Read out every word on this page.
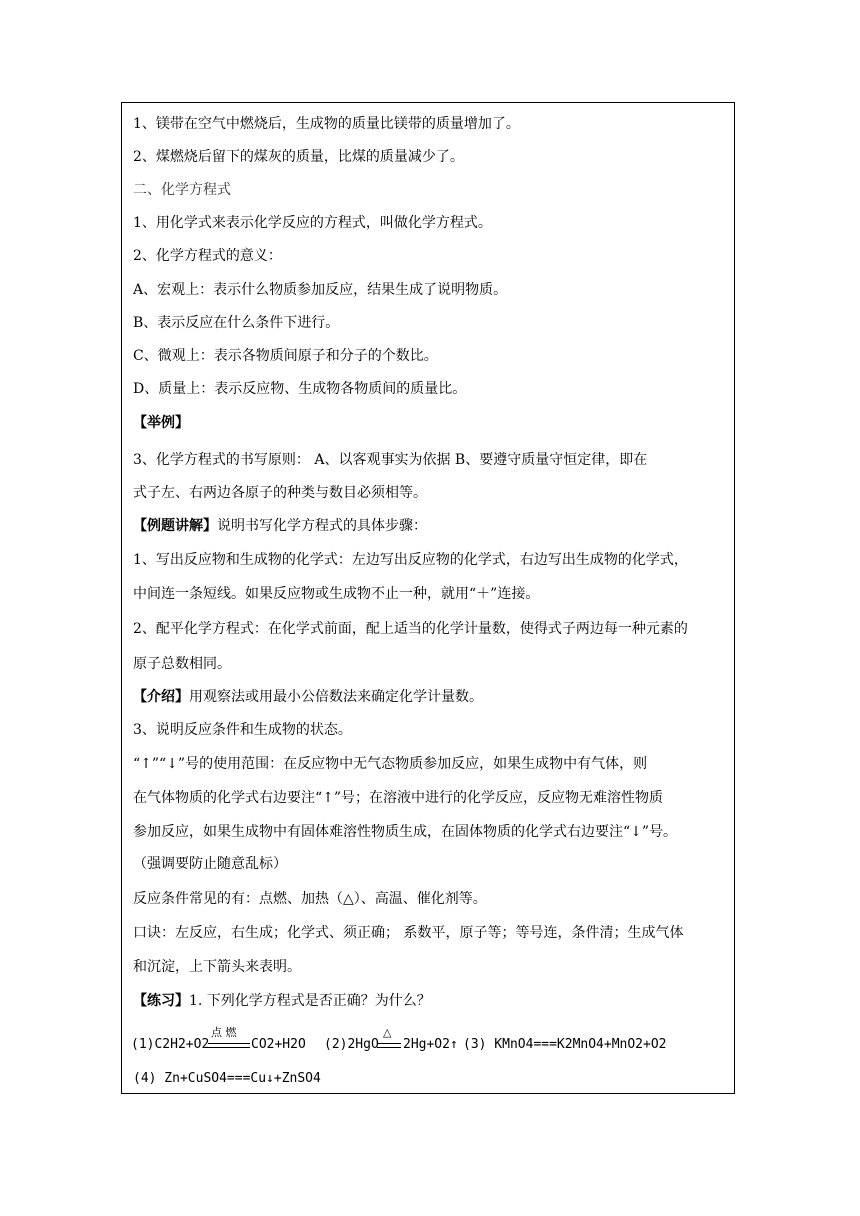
1、镁带在空气中燃烧后，生成物的质量比镁带的质量增加了。
2、煤燃烧后留下的煤灰的质量，比煤的质量减少了。
二、化学方程式
1、用化学式来表示化学反应的方程式，叫做化学方程式。
2、化学方程式的意义：
A、宏观上：表示什么物质参加反应，结果生成了说明物质。
B、表示反应在什么条件下进行。
C、微观上：表示各物质间原子和分子的个数比。
D、质量上：表示反应物、生成物各物质间的质量比。
【举例】
3、化学方程式的书写原则： A、以客观事实为依据 B、要遵守质量守恒定律，即在
式子左、右两边各原子的种类与数目必须相等。
【例题讲解】说明书写化学方程式的具体步骤：
1、写出反应物和生成物的化学式：左边写出反应物的化学式，右边写出生成物的化学式，
中间连一条短线。如果反应物或生成物不止一种，就用“＋”连接。
2、配平化学方程式：在化学式前面，配上适当的化学计量数，使得式子两边每一种元素的
原子总数相同。
【介绍】用观察法或用最小公倍数法来确定化学计量数。
3、说明反应条件和生成物的状态。
“↑”“↓”号的使用范围：在反应物中无气态物质参加反应，如果生成物中有气体，则
在气体物质的化学式右边要注“↑”号；在溶液中进行的化学反应，反应物无难溶性物质
参加反应，如果生成物中有固体难溶性物质生成，在固体物质的化学式右边要注“↓”号。
（强调要防止随意乱标）
反应条件常见的有：点燃、加热（△）、高温、催化剂等。
口诀：左反应，右生成；化学式、须正确； 系数平，原子等；等号连，条件清；生成气体
和沉淀，上下箭头来表明。
【练习】1. 下列化学方程式是否正确？为什么？
(1)C2H2+O2
点 燃
CO2+H2O (2)2HgO
△
2Hg+O2↑ (3) KMnO4===K2MnO4+MnO2+O2
(4) Zn+CuSO4===Cu↓+ZnSO4
